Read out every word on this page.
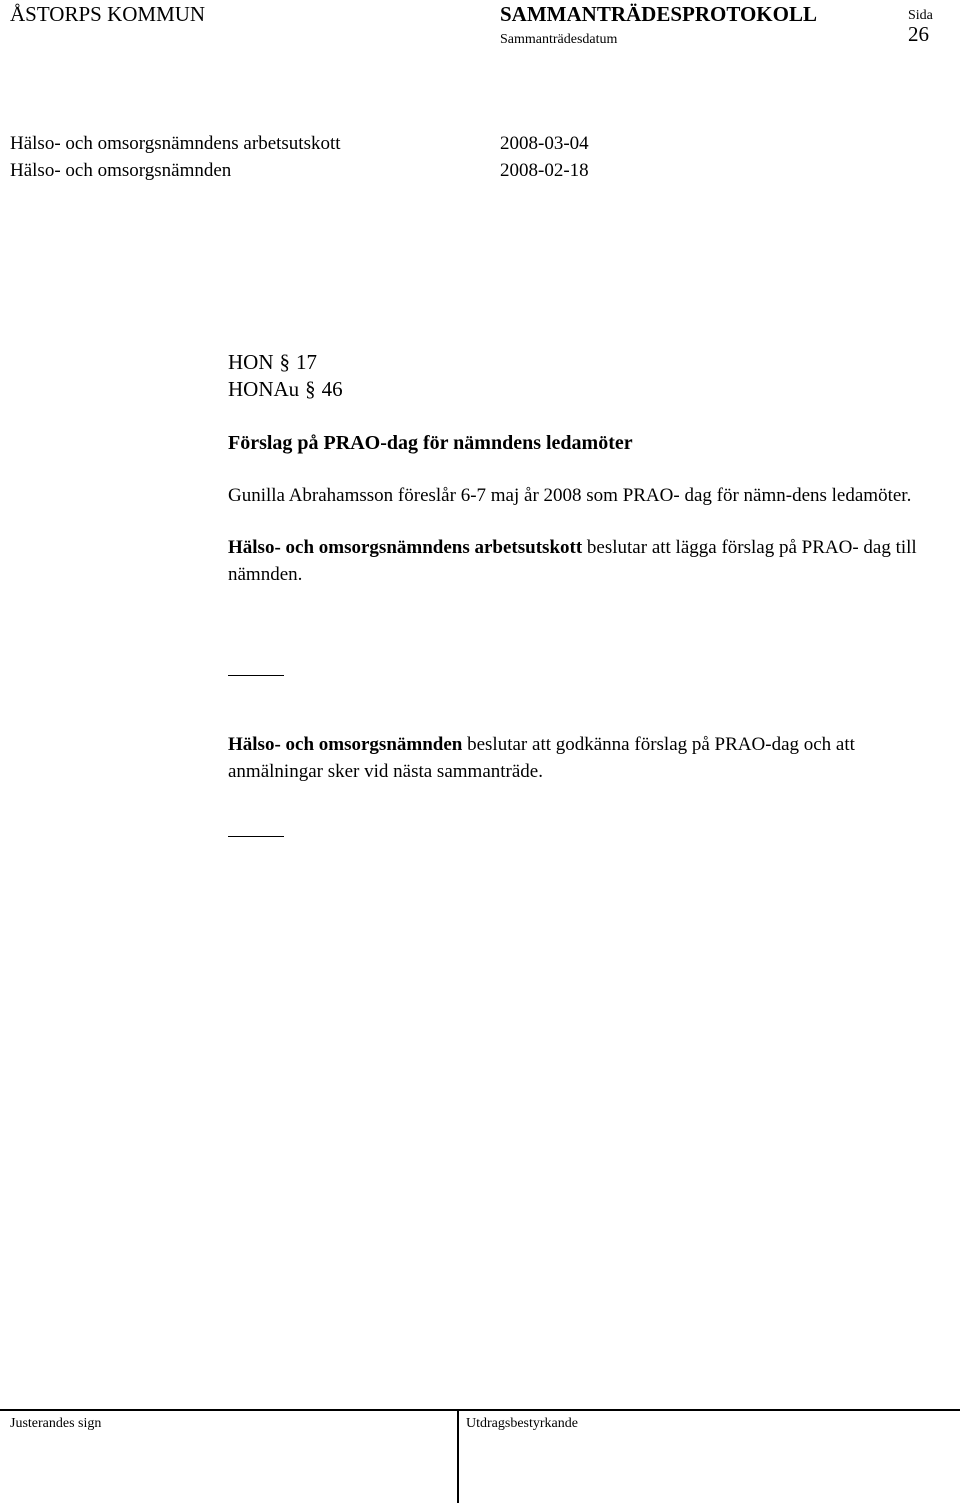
ÅSTORPS KOMMUN	SAMMANTRÄDESPROTOKOLL
Sammanträdesdatum
Sida
26
Hälso- och omsorgsnämndens arbetsutskott	2008-03-04
Hälso- och omsorgsnämnden	2008-02-18
HON § 17
HONAu § 46

Förslag på PRAO-dag för nämndens ledamöter

Gunilla Abrahamsson föreslår 6-7 maj år 2008 som PRAO- dag för nämn-dens ledamöter.

Hälso- och omsorgsnämndens arbetsutskott beslutar att lägga förslag på PRAO- dag till nämnden.

Hälso- och omsorgsnämnden beslutar att godkänna förslag på PRAO-dag och att anmälningar sker vid nästa sammanträde.

Justerandes sign	Utdragsbestyrkande
